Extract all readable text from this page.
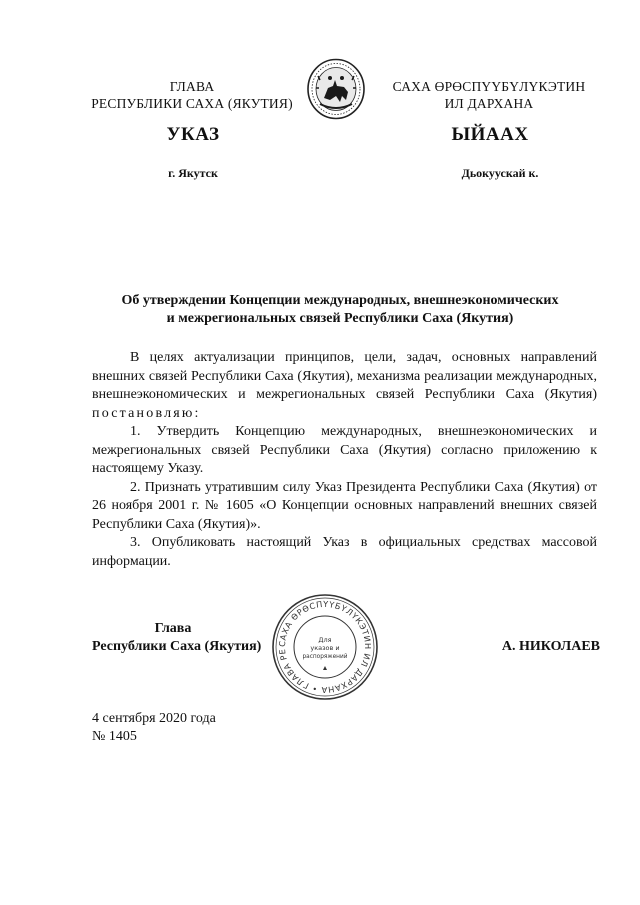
ГЛАВА
РЕСПУБЛИКИ САХА (ЯКУТИЯ)
САХА ӨРӨСПҮҮБҮЛҮКЭТИН
ИЛ ДАРХАНА
УКАЗ	ЫЙААХ
г. Якутск	Дьокуускай к.
Об утверждении Концепции международных, внешнеэкономических
и межрегиональных связей Республики Саха (Якутия)

В целях актуализации принципов, цели, задач, основных направлений внешних связей Республики Саха (Якутия), механизма реализации международных, внешнеэкономических и межрегиональных связей Республики Саха (Якутия) постановляю:

1. Утвердить Концепцию международных, внешнеэкономических и межрегиональных связей Республики Саха (Якутия) согласно приложению к настоящему Указу.

2. Признать утратившим силу Указ Президента Республики Саха (Якутия) от 26 ноября 2001 г. № 1605 «О Концепции основных направлений внешних связей Республики Саха (Якутия)».

3. Опубликовать настоящий Указ в официальных средствах массовой информации.

Глава
Республики Саха (Якутия)	САХА ӨРӨСПҮҮБҮЛҮКЭТИН ИЛ ДАРХАНА • ГЛАВА РЕ
Для
указов и
распоряжений
А. НИКОЛАЕВ
4 сентября 2020 года
№ 1405
